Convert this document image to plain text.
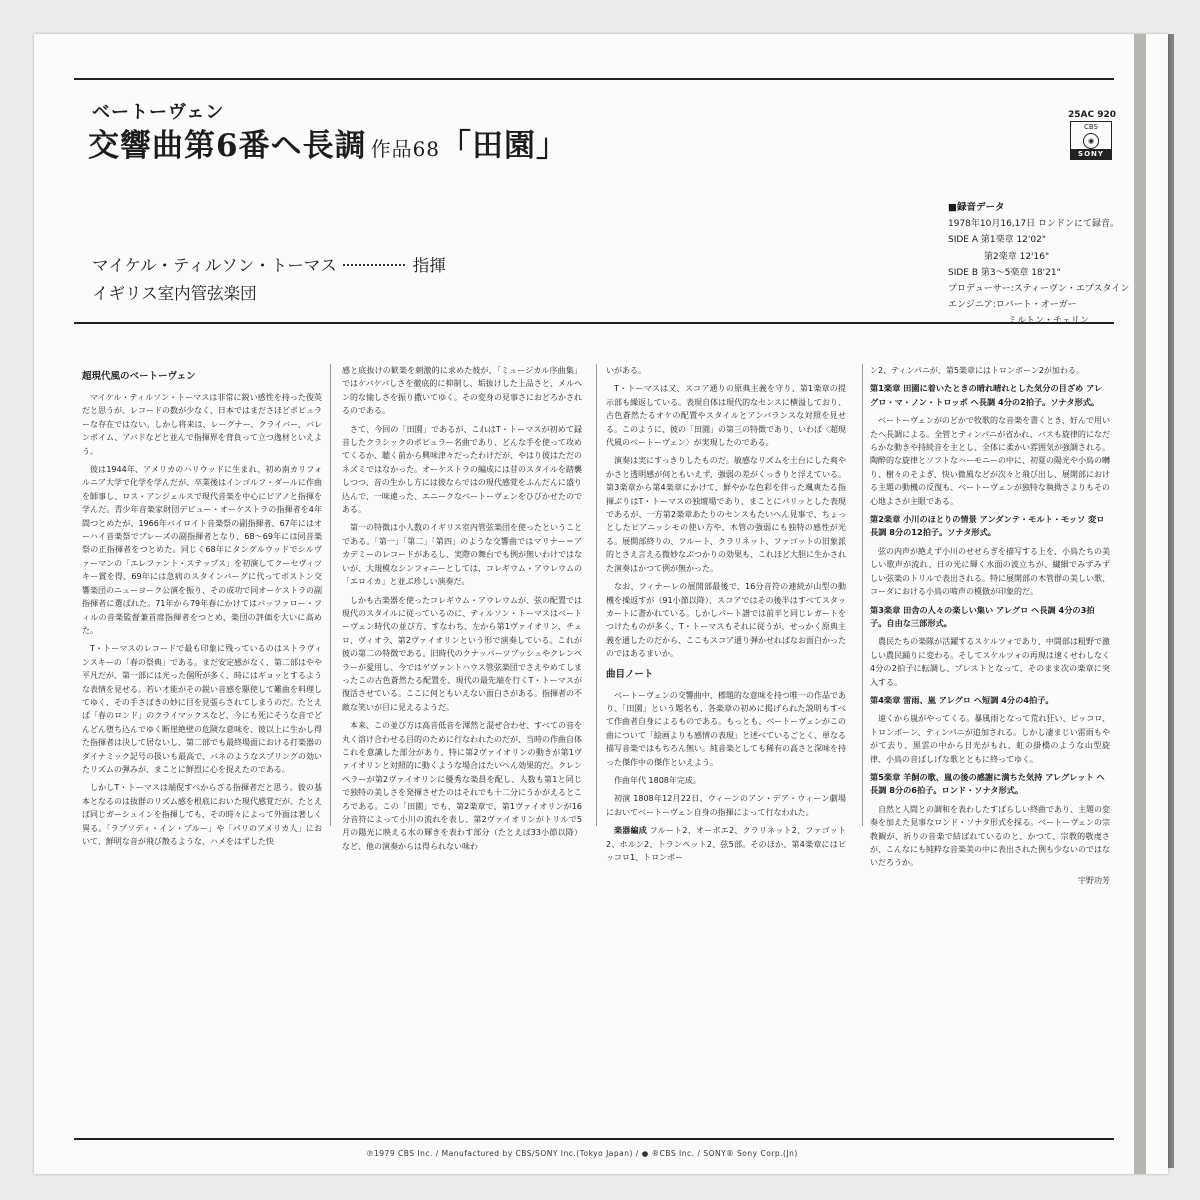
ベートーヴェン
交響曲第6番ヘ長調 作品68「田園」
25AC 920
CBS
◉
SONY
マイケル・ティルソン・トーマス	指揮
イギリス室内管弦楽団
■録音データ
1978年10月16,17日 ロンドンにて録音。
SIDE A 第1楽章 12'02"
第2楽章 12'16"
SIDE B 第3～5楽章 18'21"
プロデューサー:スティーヴン・エプスタイン
エンジニア:ロバート・オーガー
超現代風のベートーヴェン

マイケル・ティルソン・トーマスは非常に鋭い感性を持った俊英だと思うが、レコードの数が少なく、日本ではまださほどポピュラーな存在ではない。しかし将来は、レーグナー、クライバー、バレンボイム、アバドなどと並んで指揮界を背負って立つ逸材といえよう。

彼は1944年、アメリカのハリウッドに生まれ、初め南カリフォルニア大学で化学を学んだが、卒業後はインゴルフ・ダールに作曲を師事し、ロス・アンジェルスで現代音楽を中心にピアノと指揮を学んだ。青少年音楽家財団デビュー・オーケストラの指揮者を4年間つとめたが、1966年バイロイト音楽祭の副指揮者、67年にはオーハイ音楽祭でブレーズの副指揮者となり、68～69年には同音楽祭の正指揮者をつとめた。同じく68年にタングルウッドでシルヴァーマンの「エレファント・ステップス」を初演してクーセヴィツキー賞を得、69年には急病のスタインバーグに代ってボストン交響楽団のニューヨーク公演を振り、その成功で同オーケストラの副指揮者に選ばれた。71年から79年春にかけてはバッファロー・フィルの音楽監督兼首席指揮者をつとめ、楽団の評価を大いに高めた。

T・トーマスのレコードで最も印象に残っているのはストラヴィンスキーの「春の祭典」である。まだ安定感がなく、第二部はやや平凡だが、第一部には光った個所が多く、時にはギョッとするような表情を見せる。若い才能がその鋭い音感を駆使して難曲を料理してゆく、その手さばきの妙に目を見張らされてしまうのだ。たとえば「春のロンド」のクライマックスなど、今にも死にそうな音でどんどん堕ち込んでゆく断崖絶壁の危険な意味を、彼以上に生かし得た指揮者は決して居ないし、第二部でも最終場面における打楽器のダイナミック記号の扱いも最高で、バネのようなスプリングの効いたリズムの弾みが、まことに鮮烈に心を捉えたのである。

しかしT・トーマスは端倪すべからざる指揮者だと思う。彼の基本となるのは抜群のリズム感を根底においた現代感覚だが、たとえば同じガーシュインを指揮しても、その時々によって外面は著しく異る。「ラプソディ・イン・ブルー」や「パリのアメリカ人」において、鮮明な音が飛び散るような、ハメをはずした快

感と底抜けの歓楽を刺激的に求めた彼が、「ミュージカル序曲集」ではケバケバしさを徹底的に抑制し、垢抜けした上品さと、メルヘン的な愉しさを振り撒いてゆく。その変身の見事さにおどろかされるのである。

さて、今回の「田園」であるが、これはT・トーマスが初めて録音したクラシックのポピュラー名曲であり、どんな手を使って攻めてくるか、聴く前から興味津々だったわけだが、やはり彼はただのネズミではなかった。オーケストラの編成には昔のスタイルを踏襲しつつ、音の生かし方には彼ならではの現代感覚をふんだんに盛り込んで、一味違った、エニークなベートーヴェンをひびかせたのである。

第一の特徴は小人数のイギリス室内管弦楽団を使ったということである。「第一」「第二」「第四」のような交響曲ではマリナー＝アカデミーのレコードがあるし、実際の舞台でも例が無いわけではないが、大規模なシンフォニーとしては、コレギウム・アウレウムの「エロイカ」と並ぶ珍しい演奏だ。

しかも古楽器を使ったコレギウム・アウレウムが、弦の配置では現代のスタイルに従っているのに、ティルソン・トーマスはベートーヴェン時代の並び方、すなわち、左から第1ヴァイオリン、チェロ、ヴィオラ、第2ヴァイオリンという形で演奏している。これが彼の第二の特徴である。旧時代のクナッパーツブッシュやクレンペラーが愛用し、今ではゲヴァントハウス管弦楽団でさえやめてしまったこの古色蒼然たる配置を、現代の最先端を行くT・トーマスが復活させている。ここに何ともいえない面白さがある。指揮者の不敵な笑いが目に見えるようだ。

本来、この並び方は高音低音を渾然と混ぜ合わせ、すべての音を丸く溶け合わせる目的のために行なわれたのだが、当時の作曲自体これを意識した部分があり、特に第2ヴァイオリンの動きが第1ヴァイオリンと対照的に動くような場合はたいへん効果的だ。クレンペラーが第2ヴァイオリンに優秀な楽員を配し、人数も第1と同じで独特の美しさを発揮させたのはそれでも十二分にうかがえるところである。この「田園」でも、第2楽章で、第1ヴァイオリンが16分音符によって小川の流れを表し、第2ヴァイオリンがトリルで5月の陽光に映える水の輝きを表わす部分（たとえば33小節以降）など、他の演奏からは得られない味わ

いがある。

T・トーマスは又、スコア通りの原典主義を守り、第1楽章の提示部も繰返している。表現自体は現代的なセンスに横溢しており、古色蒼然たるオケの配置やスタイルとアンバランスな対照を見せる。このように、彼の「田園」の第三の特徴であり、いわば〈超現代風のベートーヴェン〉が実現したのである。

演奏は実にすっきりしたものだ。敏感なリズムを土台にした爽やかさと透明感が何ともいえず、強弱の差がくっきりと浮えている。第3楽章から第4楽章にかけて、鮮やかな色彩を伴った颯爽たる指揮ぶりはT・トーマスの独壇場であり、まことにパリッとした表現であるが、一方第2楽章あたりのセンスもたいへん見事で、ちょっとしたピアニッシモの使い方や、木管の強弱にも独特の感性が光る。展開部終りの、フルート、クラリネット、ファゴットの旧象派的とさえ言える微妙なぶつかりの効果も、これほど大胆に生かされた演奏はかつて例が無かった。

なお、フィナーレの展開部最後で、16分音符の連続が山型の動機を操返すが（91小節以降）、スコアではその後半はすべてスタッカートに書かれている。しかしパート譜では前半と同じレガートをつけたものが多く、T・トーマスもそれに従うが、せっかく原典主義を通したのだから、ここもスコア通り弾かせればなお面白かったのではあるまいか。

曲目ノート

ベートーヴェンの交響曲中、標題的な意味を持つ唯一の作品であり、「田園」という題名も、各楽章の初めに掲げられた説明もすべて作曲者自身によるものである。もっとも、ベートーヴェンがこの曲について「絵画よりも感情の表現」と述べているごとく、単なる描写音楽ではもちろん無い。純音楽としても稀有の高さと深味を持った傑作中の傑作といえよう。

作曲年代 1808年完成。

初演 1808年12月22日、ウィーンのアン・デア・ウィーン劇場においてベートーヴェン自身の指揮によって行なわれた。

楽器編成 フルート2、オーボエ2、クラリネット2、ファゴット2、ホルン2、トランペット2、弦5部。そのほか、第4楽章にはピッコロ1、トロンボー

ン2、ティンパニが、第5楽章にはトロンボーン2が加わる。

第1楽章 田園に着いたときの晴れ晴れとした気分の目ざめ アレグロ・マ・ノン・トロッポ ヘ長調 4分の2拍子。ソナタ形式。

ベートーヴェンがのどかで牧歌的な音楽を書くとき、好んで用いたヘ長調による。全管とティンパニが省かれ、バスも旋律的になだらかな動きや持続音を主とし、全体に柔かい雰囲気が強調される。陶酔的な旋律とソフトなハーモニーの中に、初夏の陽光や小鳥の囀り、樹々のそよぎ、快い微風などが次々と飛び出し、展開部における主題の動機の反復も、ベートーヴェンが独特な執拗さよりもその心地よさが主眼である。

第2楽章 小川のほとりの情景 アンダンテ・モルト・モッソ 変ロ長調 8分の12拍子。ソナタ形式。

弦の内声が絶えず小川のせせらぎを描写する上を、小鳥たちの美しい歌声が流れ、日の光に輝く水面の波立ちが、繊細でみずみずしい弦楽のトリルで表出される。特に展開部の木管群の美しい歌、コーダにおける小鳥の啼声の模倣が印象的だ。

第3楽章 田舎の人々の楽しい集い アレグロ ヘ長調 4分の3拍子。自由な三部形式。

農民たちの楽隊が活躍するスケルツォであり、中間部は粗野で激しい農民踊りに変わる。そしてスケルツォの再現は速くせわしなく4分の2拍子に転調し、プレストとなって、そのまま次の楽章に突入する。

第4楽章 雷雨、嵐 アレグロ ヘ短調 4分の4拍子。

遠くから嵐がやってくる。暴風雨となって荒れ狂い、ピッコロ、トロンボーン、ティンパニが追加される。しかし凄まじい雷雨もやがて去り、黒雲の中から日光がもれ、虹の掛橋のような山型旋律、小鳥の音ばしげな歌とともに終ってゆく。

第5楽章 羊飼の歌、嵐の後の感謝に満ちた気持 アレグレット ヘ長調 8分の6拍子。ロンド・ソナタ形式。

自然と人間との調和を表わしたすばらしい終曲であり、主題の変奏を加えた見事なロンド・ソナタ形式を採る。ベートーヴェンの宗教観が、祈りの音楽で結ばれているのと、かつて、宗教的敬虔さが、こんなにも純粋な音楽美の中に表出された例も少ないのではないだろうか。

宇野功芳

℗1979 CBS Inc. / Manufactured by CBS/SONY Inc.(Tokyo Japan) / ● ®CBS Inc. / SONY® Sony Corp.(Jn)
